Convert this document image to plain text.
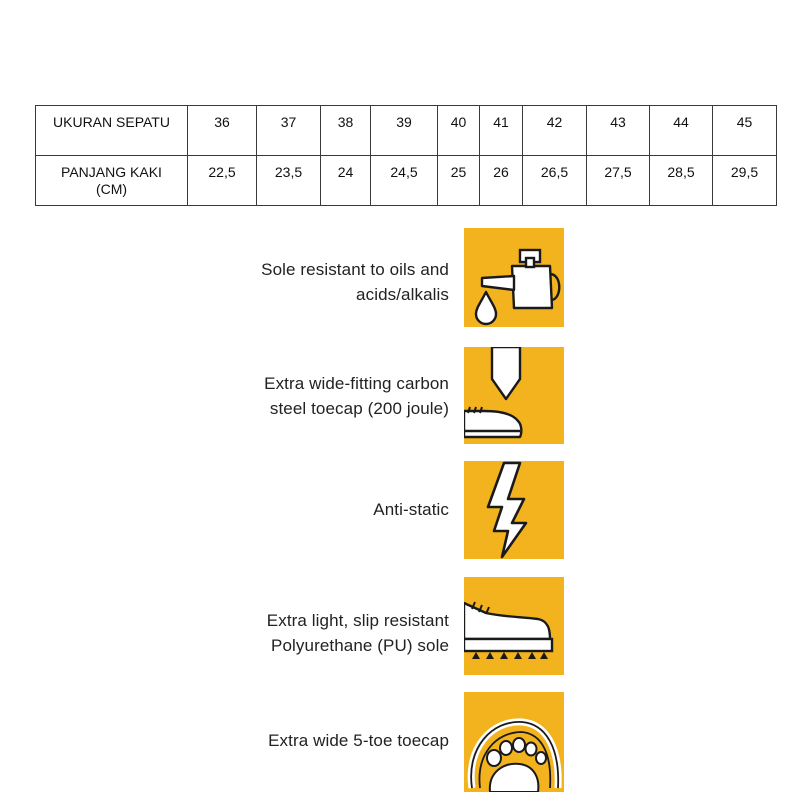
UKURAN SEPATU	36	37	38	39	40	41	42	43	44	45

PANJANG KAKI
(CM)	22,5	23,5	24	24,5	25	26	26,5	27,5	28,5	29,5
Sole resistant to oils and
acids/alkalis
Extra wide-fitting carbon
steel toecap (200 joule)
Anti-static
Extra light, slip resistant
Polyurethane (PU) sole
Extra wide 5-toe toecap
